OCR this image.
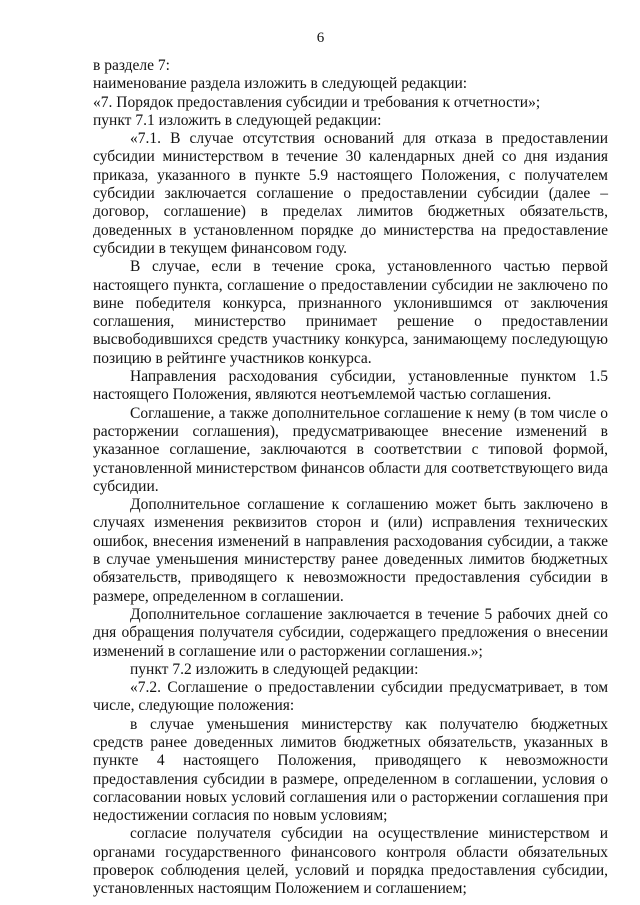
6

в разделе 7:

наименование раздела изложить в следующей редакции:

«7. Порядок предоставления субсидии и требования к отчетности»;

пункт 7.1 изложить в следующей редакции:

«7.1. В случае отсутствия оснований для отказа в предоставлении субсидии министерством в течение 30 календарных дней со дня издания приказа, указанного в пункте 5.9 настоящего Положения, с получателем субсидии заключается соглашение о предоставлении субсидии (далее – договор, соглашение) в пределах лимитов бюджетных обязательств, доведенных в установленном порядке до министерства на предоставление субсидии в текущем финансовом году.

В случае, если в течение срока, установленного частью первой настоящего пункта, соглашение о предоставлении субсидии не заключено по вине победителя конкурса, признанного уклонившимся от заключения соглашения, министерство принимает решение о предоставлении высвободившихся средств участнику конкурса, занимающему последующую позицию в рейтинге участников конкурса.

Направления расходования субсидии, установленные пунктом 1.5 настоящего Положения, являются неотъемлемой частью соглашения.

Соглашение, а также дополнительное соглашение к нему (в том числе о расторжении соглашения), предусматривающее внесение изменений в указанное соглашение, заключаются в соответствии с типовой формой, установленной министерством финансов области для соответствующего вида субсидии.

Дополнительное соглашение к соглашению может быть заключено в случаях изменения реквизитов сторон и (или) исправления технических ошибок, внесения изменений в направления расходования субсидии, а также в случае уменьшения министерству ранее доведенных лимитов бюджетных обязательств, приводящего к невозможности предоставления субсидии в размере, определенном в соглашении.

Дополнительное соглашение заключается в течение 5 рабочих дней со дня обращения получателя субсидии, содержащего предложения о внесении изменений в соглашение или о расторжении соглашения.»;

пункт 7.2 изложить в следующей редакции:

«7.2. Соглашение о предоставлении субсидии предусматривает, в том числе, следующие положения:

в случае уменьшения министерству как получателю бюджетных средств ранее доведенных лимитов бюджетных обязательств, указанных в пункте 4 настоящего Положения, приводящего к невозможности предоставления субсидии в размере, определенном в соглашении, условия о согласовании новых условий соглашения или о расторжении соглашения при недостижении согласия по новым условиям;

согласие получателя субсидии на осуществление министерством и органами государственного финансового контроля области обязательных проверок соблюдения целей, условий и порядка предоставления субсидии, установленных настоящим Положением и соглашением;
